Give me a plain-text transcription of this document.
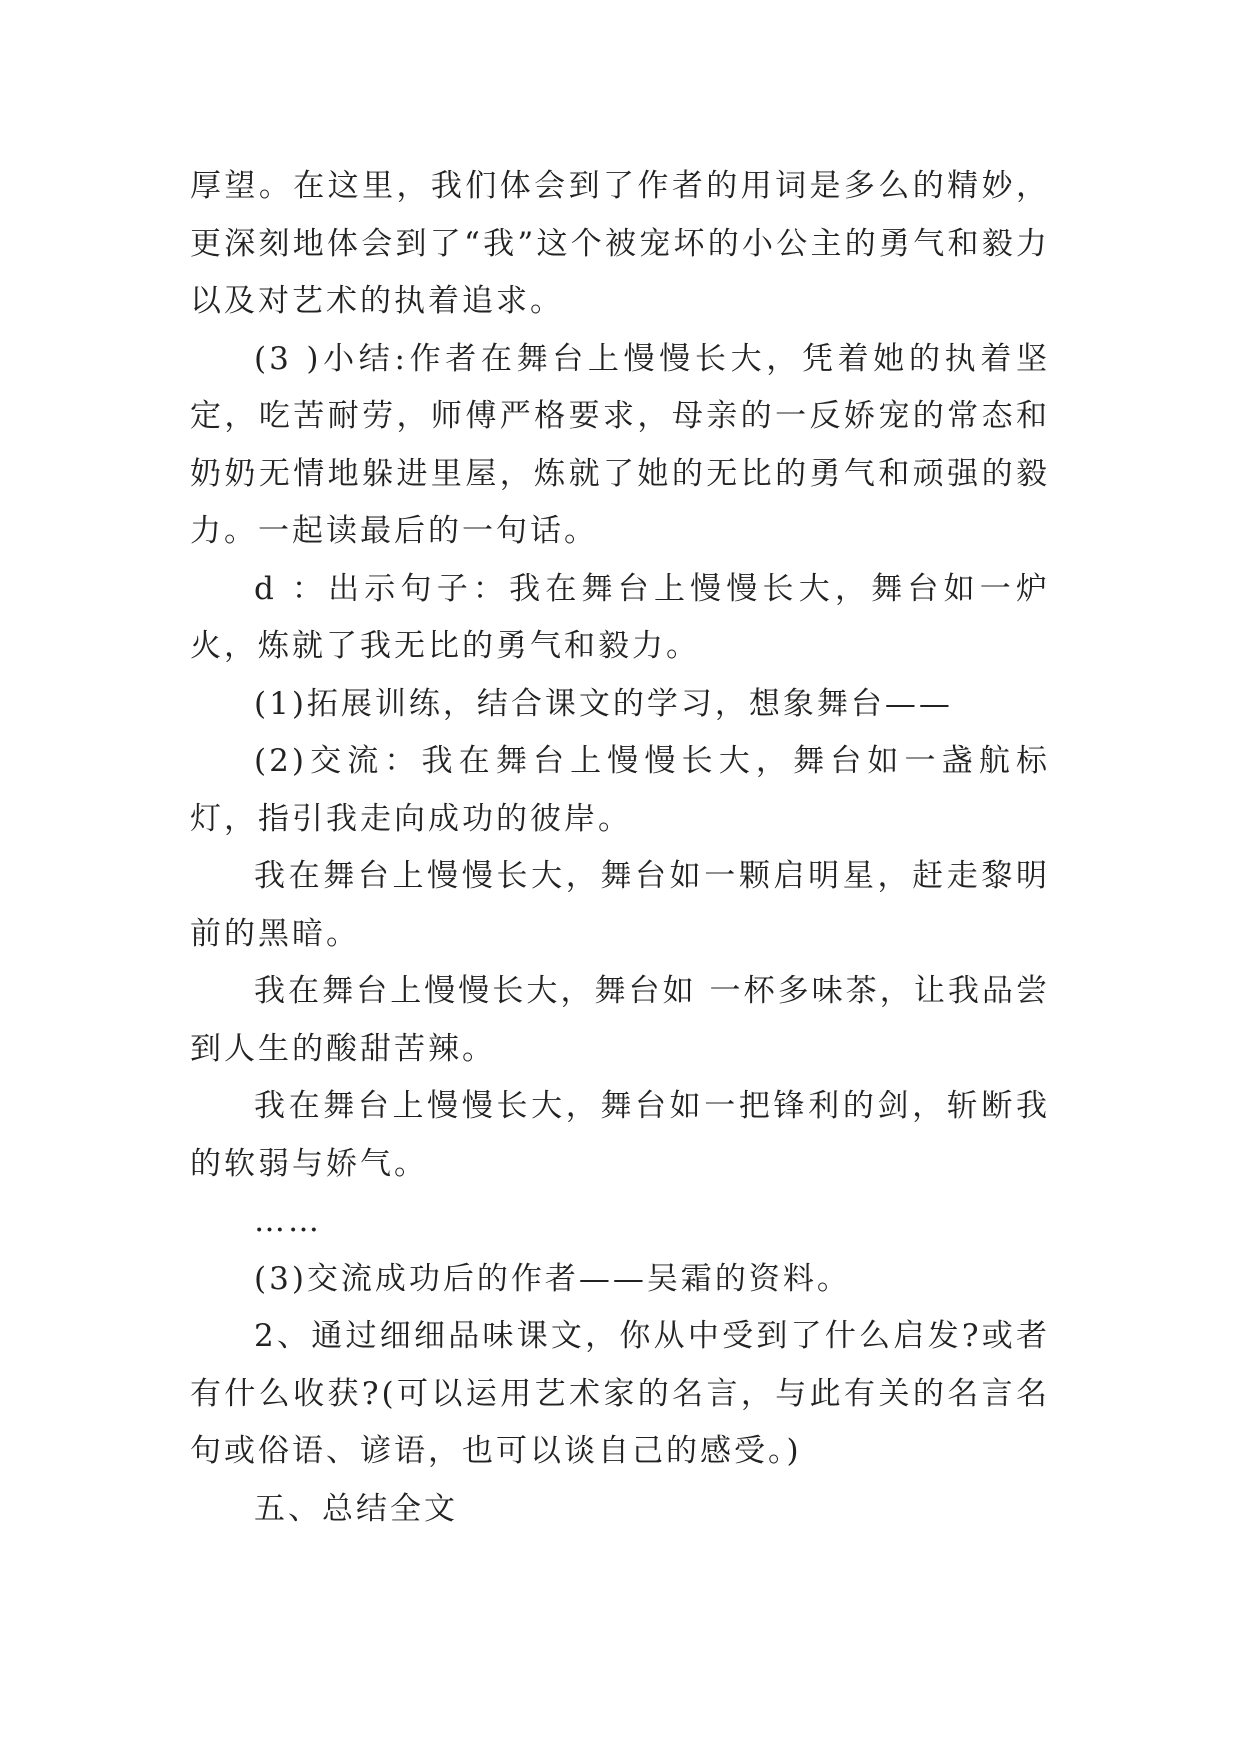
厚望。在这里，我们体会到了作者的用词是多么的精妙，更深刻地体会到了“我”这个被宠坏的小公主的勇气和毅力以及对艺术的执着追求。

(3 )小结:作者在舞台上慢慢长大，凭着她的执着坚定，吃苦耐劳，师傅严格要求，母亲的一反娇宠的常态和奶奶无情地躲进里屋，炼就了她的无比的勇气和顽强的毅力。一起读最后的一句话。

d ：出示句子：我在舞台上慢慢长大，舞台如一炉火，炼就了我无比的勇气和毅力。

(1)拓展训练，结合课文的学习，想象舞台——

(2)交流：我在舞台上慢慢长大，舞台如一盏航标灯，指引我走向成功的彼岸。

我在舞台上慢慢长大，舞台如一颗启明星，赶走黎明前的黑暗。

我在舞台上慢慢长大，舞台如 一杯多味茶，让我品尝到人生的酸甜苦辣。

我在舞台上慢慢长大，舞台如一把锋利的剑，斩断我的软弱与娇气。

……

(3)交流成功后的作者——吴霜的资料。

2、通过细细品味课文，你从中受到了什么启发?或者有什么收获?(可以运用艺术家的名言，与此有关的名言名句或俗语、谚语，也可以谈自己的感受。)

五、总结全文
